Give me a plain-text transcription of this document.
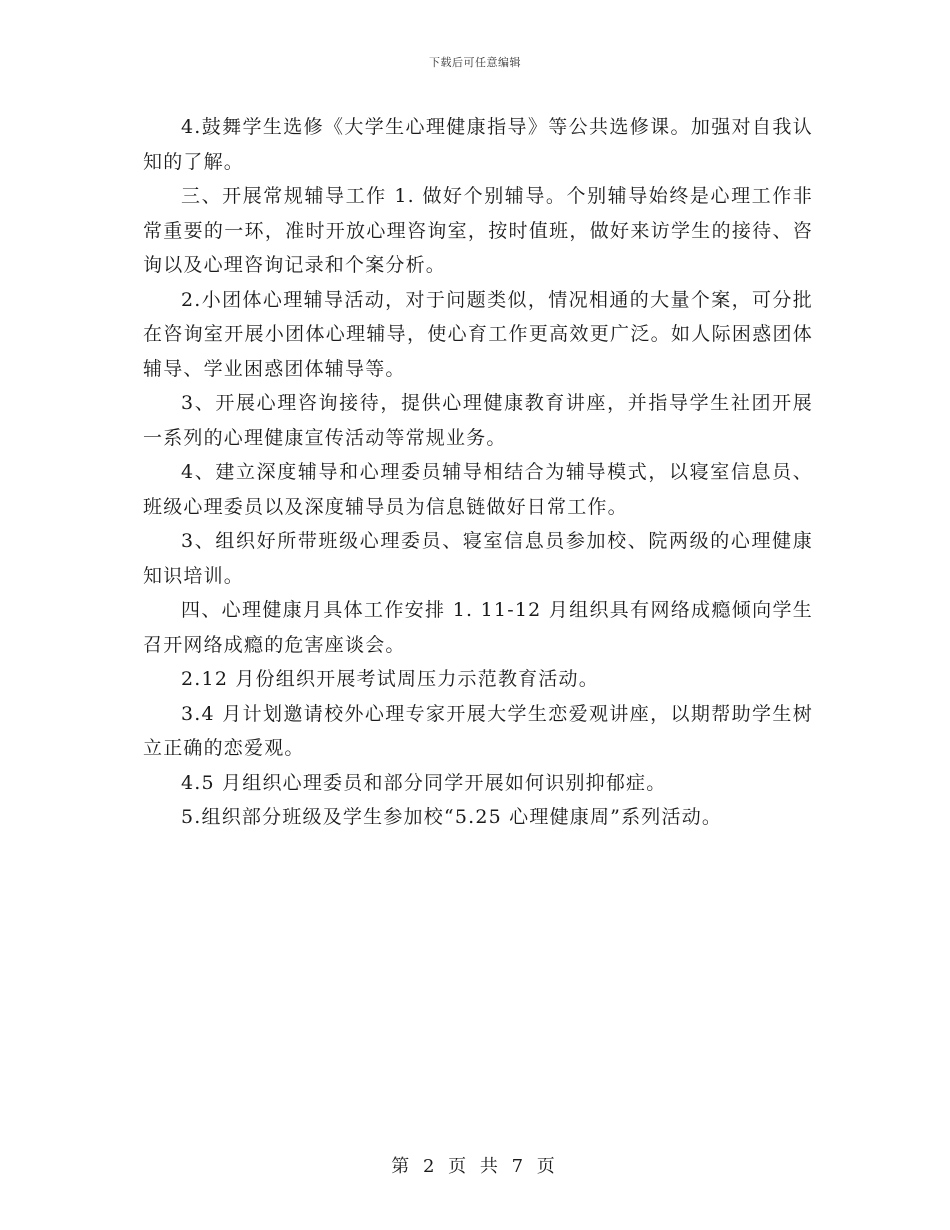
下载后可任意编辑

4.鼓舞学生选修《大学生心理健康指导》等公共选修课。加强对自我认知的了解。

三、开展常规辅导工作 1. 做好个别辅导。个别辅导始终是心理工作非常重要的一环，准时开放心理咨询室，按时值班，做好来访学生的接待、咨询以及心理咨询记录和个案分析。

2.小团体心理辅导活动，对于问题类似，情况相通的大量个案，可分批在咨询室开展小团体心理辅导，使心育工作更高效更广泛。如人际困惑团体辅导、学业困惑团体辅导等。

3、开展心理咨询接待，提供心理健康教育讲座，并指导学生社团开展一系列的心理健康宣传活动等常规业务。

4、建立深度辅导和心理委员辅导相结合为辅导模式，以寝室信息员、班级心理委员以及深度辅导员为信息链做好日常工作。

3、组织好所带班级心理委员、寝室信息员参加校、院两级的心理健康知识培训。

四、心理健康月具体工作安排 1. 11-12 月组织具有网络成瘾倾向学生召开网络成瘾的危害座谈会。

2.12 月份组织开展考试周压力示范教育活动。

3.4 月计划邀请校外心理专家开展大学生恋爱观讲座，以期帮助学生树立正确的恋爱观。

4.5 月组织心理委员和部分同学开展如何识别抑郁症。

5.组织部分班级及学生参加校“5.25 心理健康周”系列活动。

第 2 页 共 7 页
